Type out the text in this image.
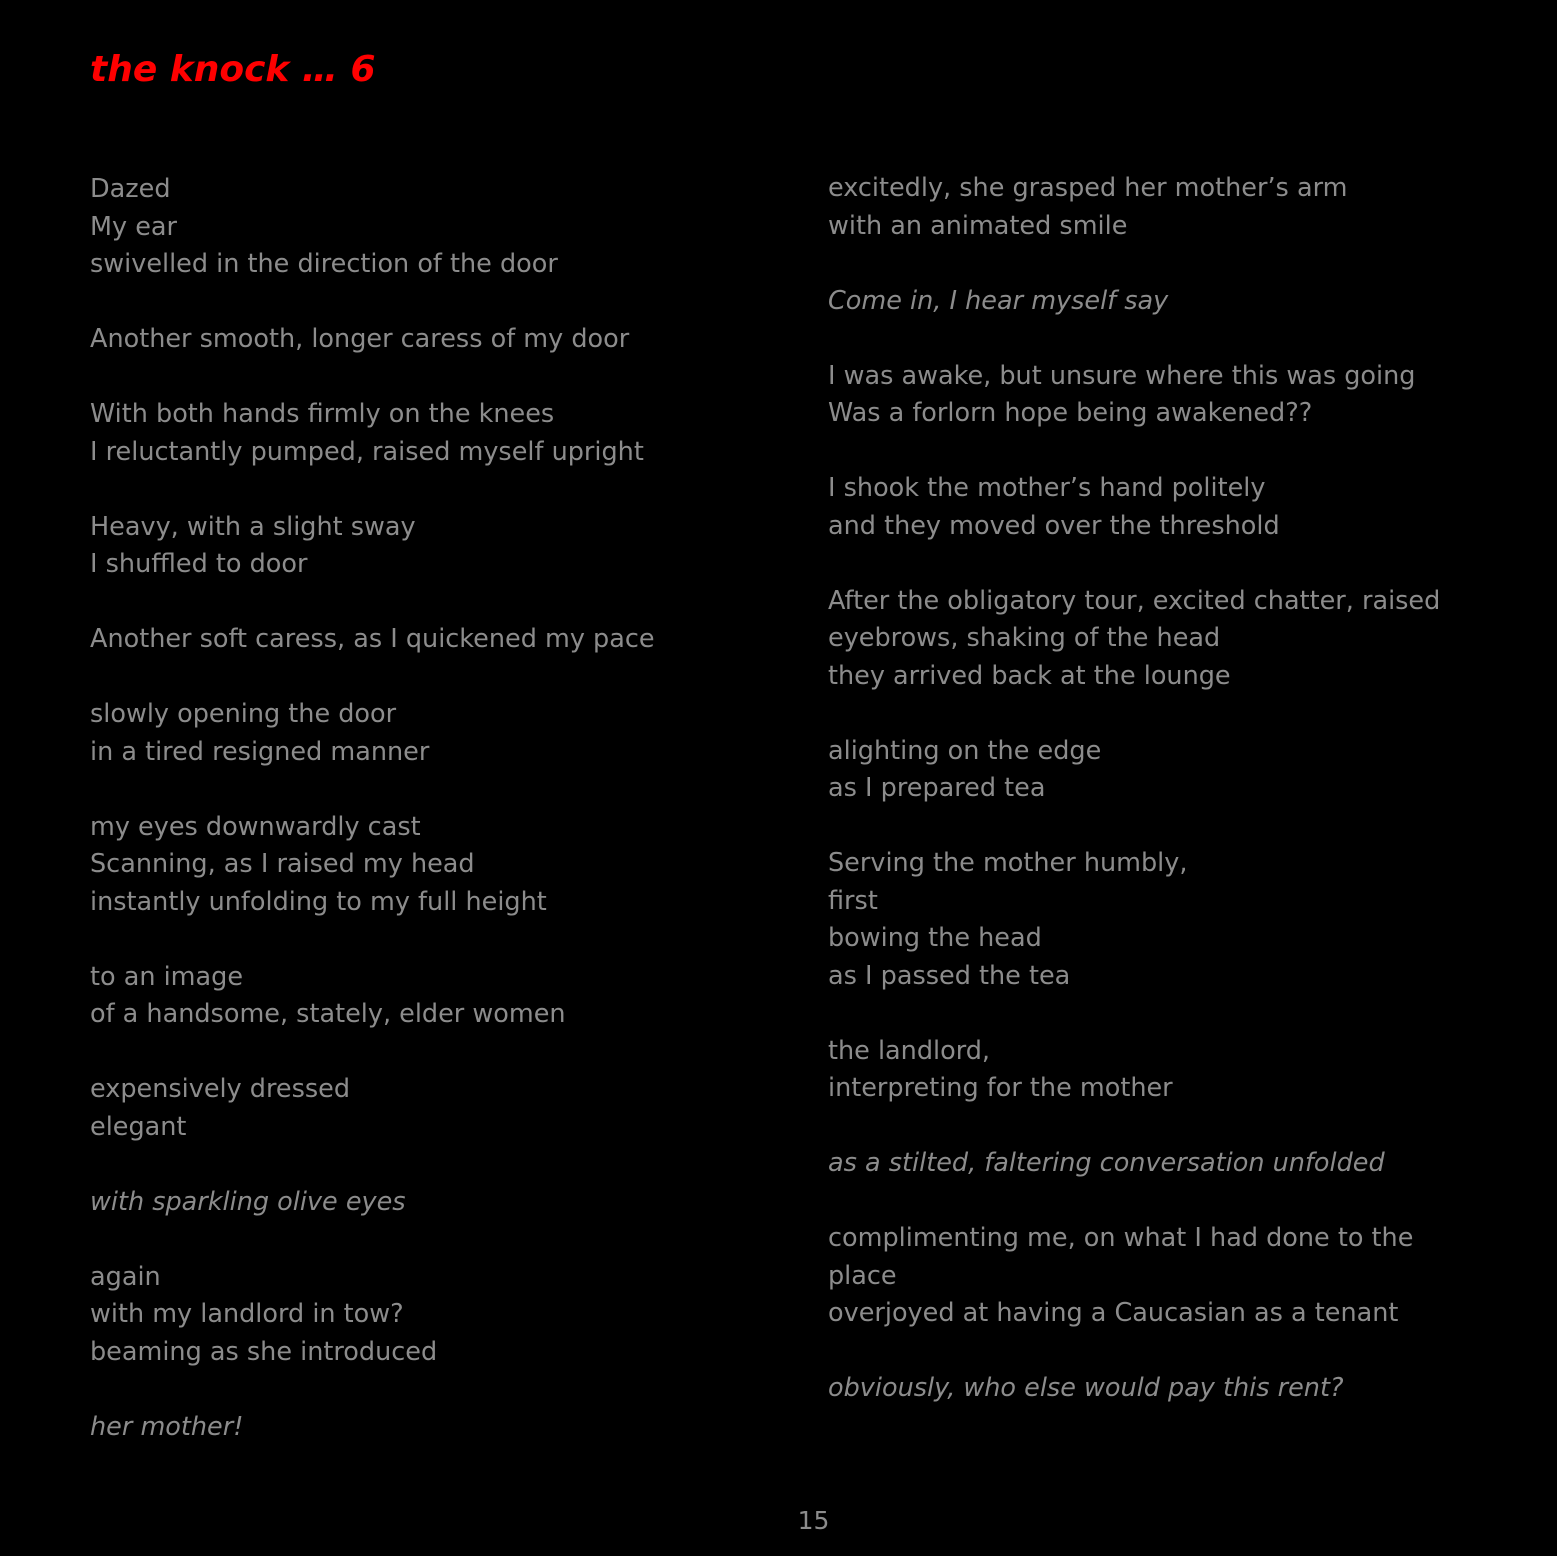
the knock … 6
Dazed
My ear
swivelled in the direction of the door
Another smooth, longer caress of my door
With both hands firmly on the knees
I reluctantly pumped, raised myself upright
Heavy, with a slight sway
I shuffled to door
Another soft caress, as I quickened my pace
slowly opening the door
in a tired resigned manner
my eyes downwardly cast
Scanning, as I raised my head
instantly unfolding to my full height
to an image
of a handsome, stately, elder women
expensively dressed
elegant
with sparkling olive eyes
again
with my landlord in tow?
beaming as she introduced
her mother!
excitedly, she grasped her mother’s arm
with an animated smile
Come in, I hear myself say
I was awake, but unsure where this was going
Was a forlorn hope being awakened??
I shook the mother’s hand politely
and they moved over the threshold
After the obligatory tour, excited chatter, raised
eyebrows, shaking of the head
they arrived back at the lounge
alighting on the edge
as I prepared tea
Serving the mother humbly,
first
bowing the head
as I passed the tea
the landlord,
interpreting for the mother
as a stilted, faltering conversation unfolded
complimenting me, on what I had done to the
place
overjoyed at having a Caucasian as a tenant
obviously, who else would pay this rent?
15
